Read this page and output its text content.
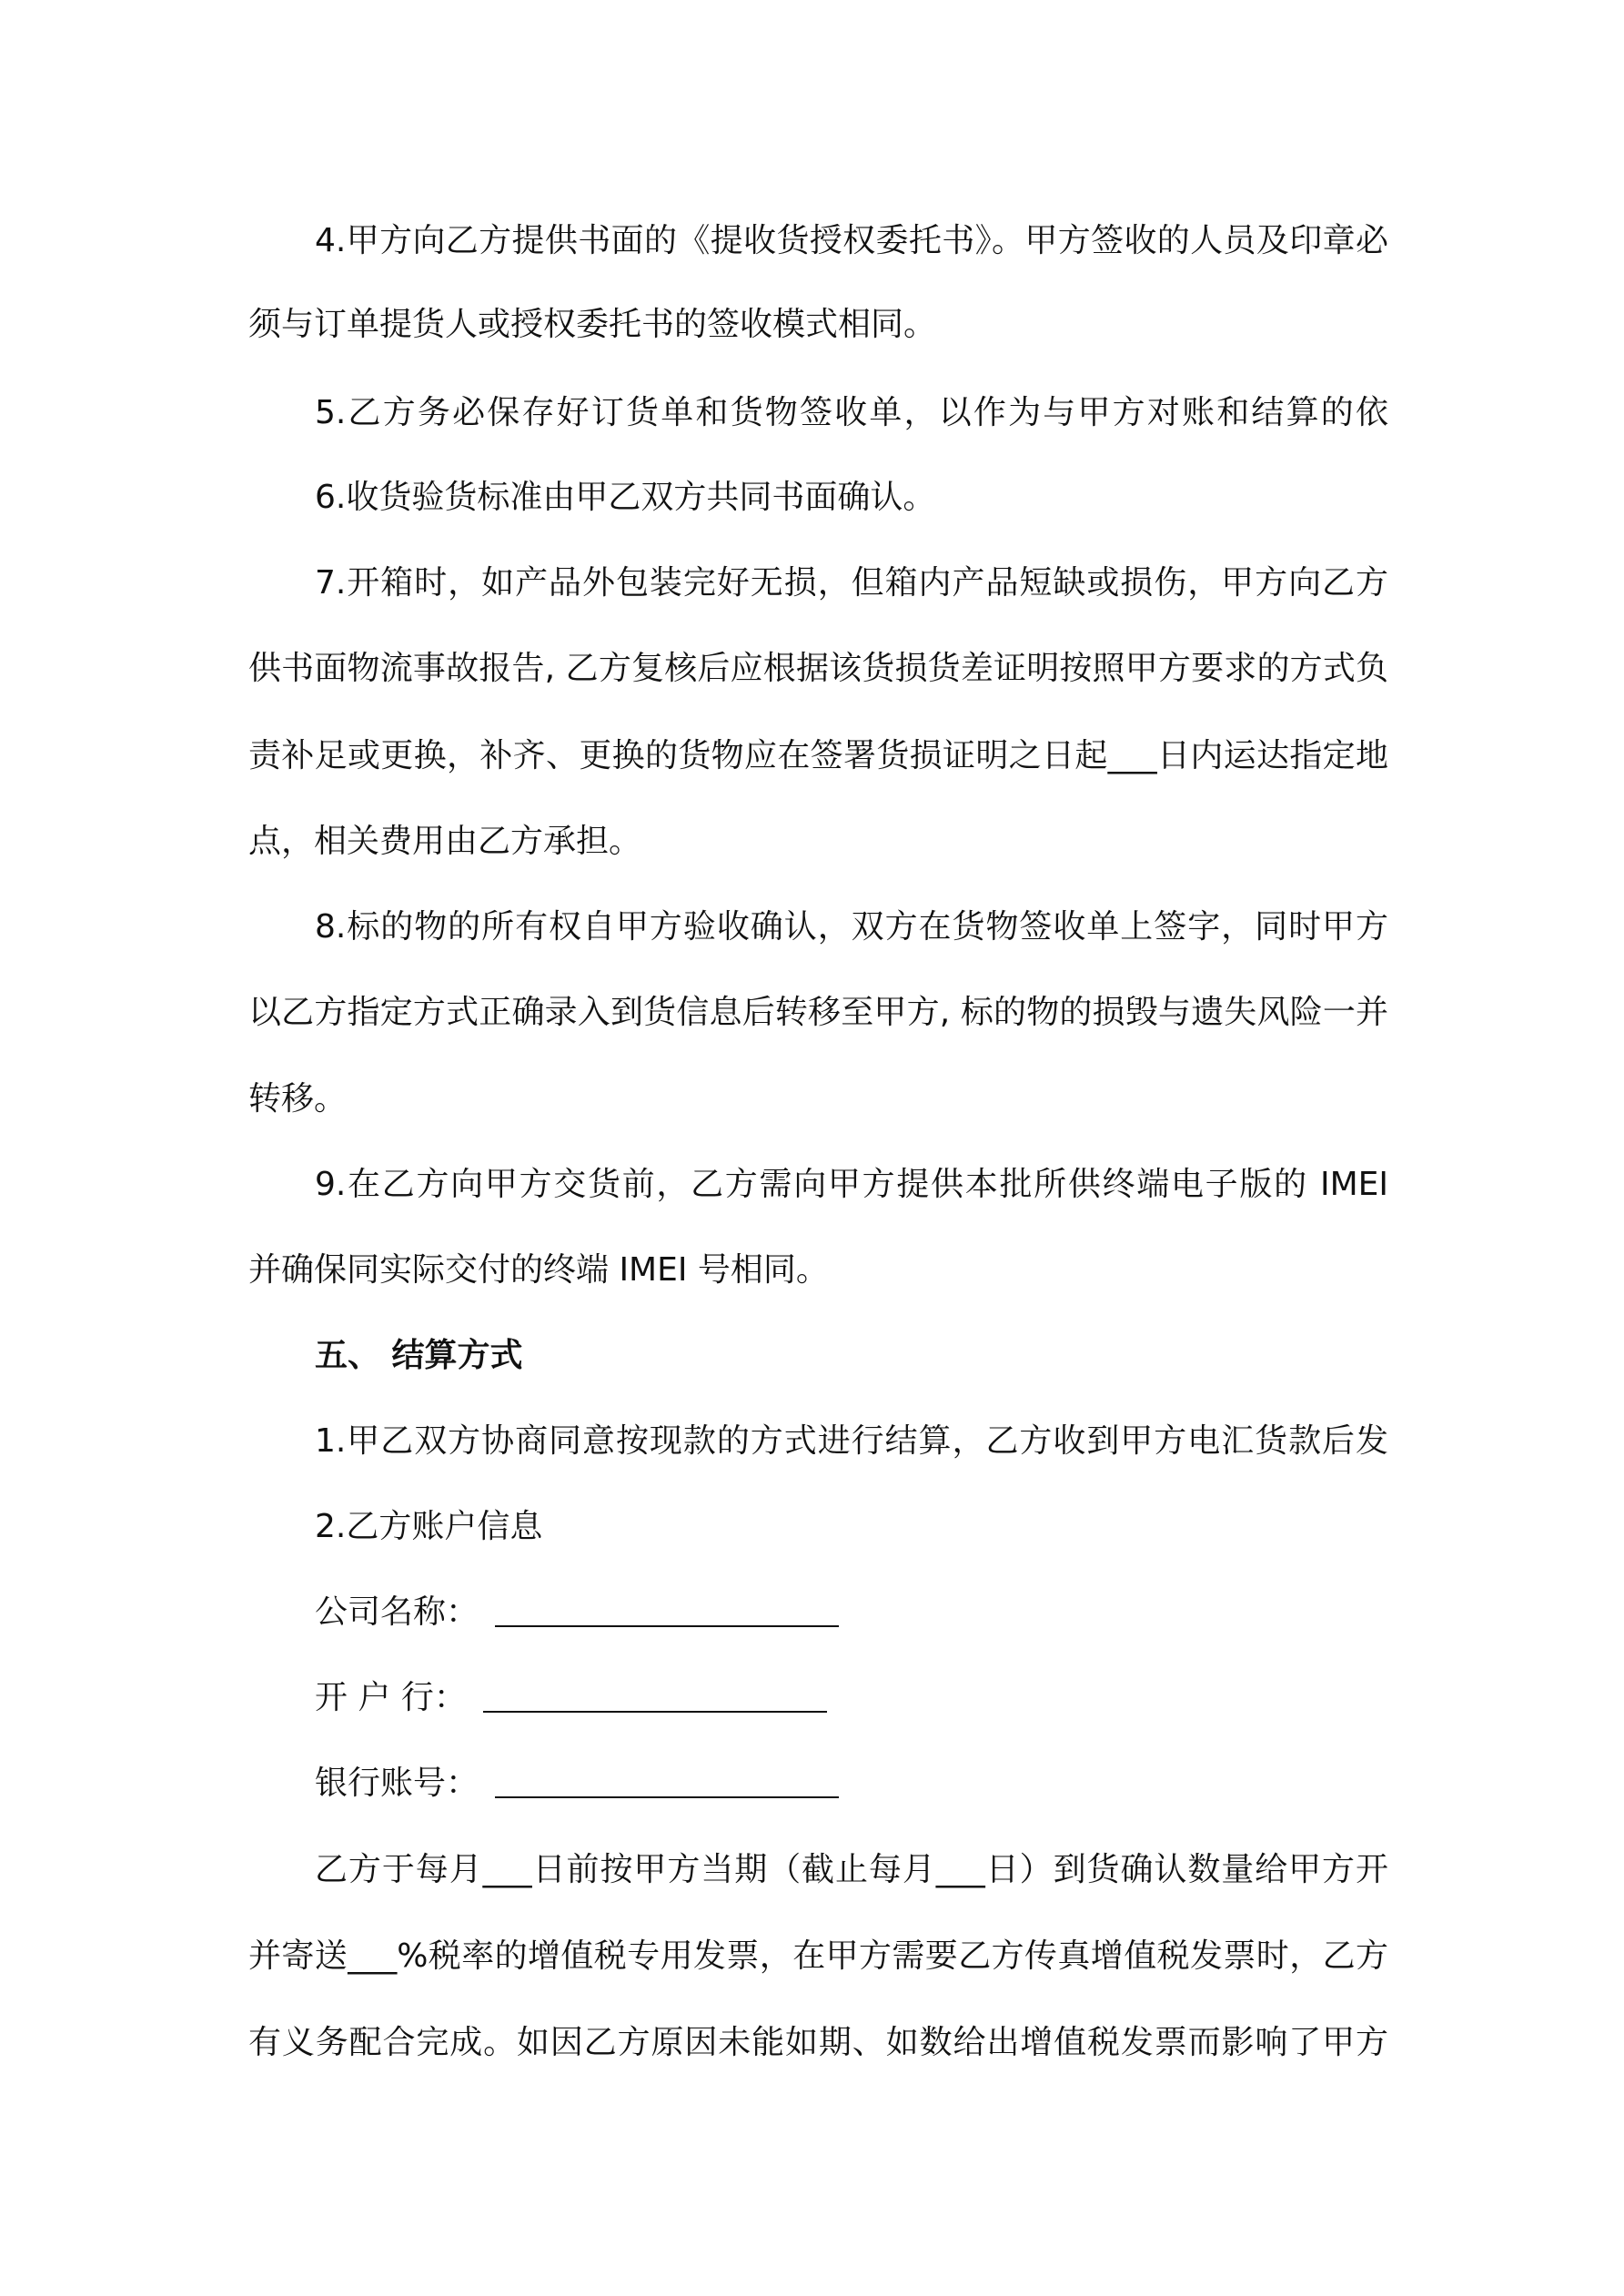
4.甲方向乙方提供书面的《提收货授权委托书》。甲方签收的人员及印章必
须与订单提货人或授权委托书的签收模式相同。
5.乙方务必保存好订货单和货物签收单，以作为与甲方对账和结算的依
6.收货验货标准由甲乙双方共同书面确认。
7.开箱时，如产品外包装完好无损，但箱内产品短缺或损伤，甲方向乙方
供书面物流事故报告, 乙方复核后应根据该货损货差证明按照甲方要求的方式负
责补足或更换，补齐、更换的货物应在签署货损证明之日起___日内运达指定地
点，相关费用由乙方承担。
8.标的物的所有权自甲方验收确认，双方在货物签收单上签字，同时甲方
以乙方指定方式正确录入到货信息后转移至甲方, 标的物的损毁与遗失风险一并
转移。
9.在乙方向甲方交货前，乙方需向甲方提供本批所供终端电子版的 IMEI
并确保同实际交付的终端 IMEI 号相同。
五、 结算方式
1.甲乙双方协商同意按现款的方式进行结算，乙方收到甲方电汇货款后发
2.乙方账户信息
公司名称：
开 户 行：
银行账号：
乙方于每月___日前按甲方当期（截止每月___日）到货确认数量给甲方开
并寄送___%税率的增值税专用发票，在甲方需要乙方传真增值税发票时，乙方
有义务配合完成。如因乙方原因未能如期、如数给出增值税发票而影响了甲方
